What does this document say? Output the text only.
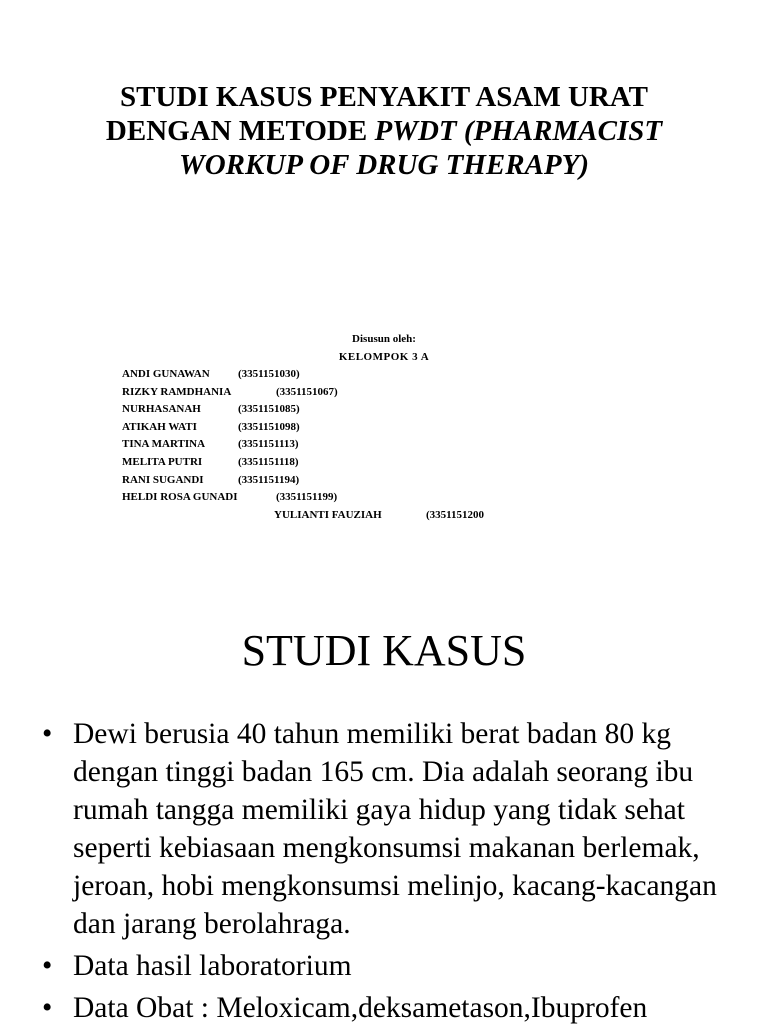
STUDI KASUS PENYAKIT ASAM URAT
DENGAN METODE PWDT (PHARMACIST
WORKUP OF DRUG THERAPY)
Disusun oleh:
KELOMPOK 3 A
ANDI GUNAWAN	(3351151030)
RIZKY RAMDHANIA	(3351151067)
NURHASANAH	(3351151085)
ATIKAH WATI	(3351151098)
TINA MARTINA	(3351151113)
MELITA PUTRI	(3351151118)
RANI SUGANDI	(3351151194)
HELDI ROSA GUNADI	(3351151199)
YULIANTI FAUZIAH	(3351151200
STUDI KASUS
• Dewi berusia 40 tahun memiliki berat badan 80 kg dengan tinggi badan 165 cm. Dia adalah seorang ibu rumah tangga memiliki gaya hidup yang tidak sehat seperti kebiasaan mengkonsumsi makanan berlemak, jeroan, hobi mengkonsumsi melinjo, kacang-kacangan dan jarang berolahraga.
• Data hasil laboratorium
• Data Obat : Meloxicam,deksametason,Ibuprofen
